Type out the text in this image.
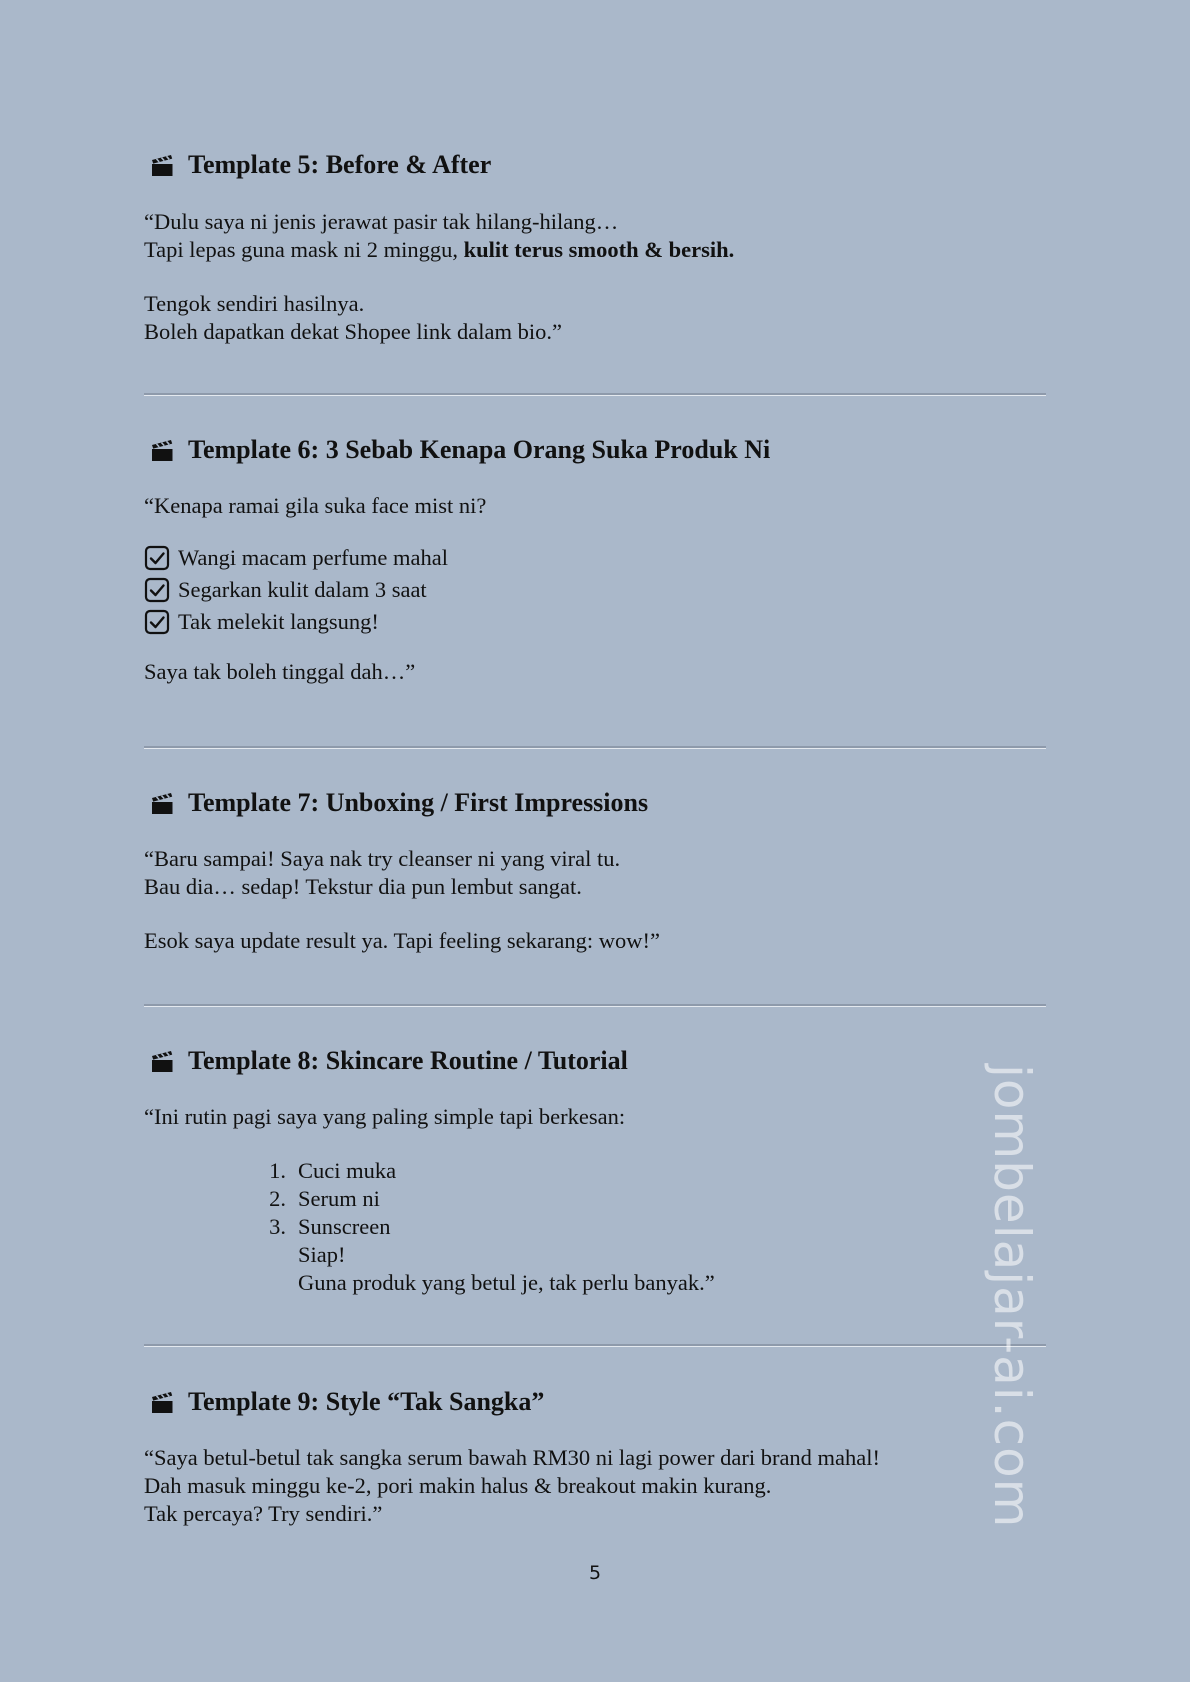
Template 5: Before & After
“Dulu saya ni jenis jerawat pasir tak hilang-hilang…
Tapi lepas guna mask ni 2 minggu, kulit terus smooth & bersih.
Tengok sendiri hasilnya.
Boleh dapatkan dekat Shopee link dalam bio.”
Template 6: 3 Sebab Kenapa Orang Suka Produk Ni
“Kenapa ramai gila suka face mist ni?
Wangi macam perfume mahal
Segarkan kulit dalam 3 saat
Tak melekit langsung!
Saya tak boleh tinggal dah…”
Template 7: Unboxing / First Impressions
“Baru sampai! Saya nak try cleanser ni yang viral tu.
Bau dia… sedap! Tekstur dia pun lembut sangat.
Esok saya update result ya. Tapi feeling sekarang: wow!”
Template 8: Skincare Routine / Tutorial
“Ini rutin pagi saya yang paling simple tapi berkesan:
1. Cuci muka
2. Serum ni
3. Sunscreen
Siap!
Guna produk yang betul je, tak perlu banyak.”
Template 9: Style “Tak Sangka”
“Saya betul-betul tak sangka serum bawah RM30 ni lagi power dari brand mahal!
Dah masuk minggu ke-2, pori makin halus & breakout makin kurang.
Tak percaya? Try sendiri.”	jombelajar-ai.com
5
